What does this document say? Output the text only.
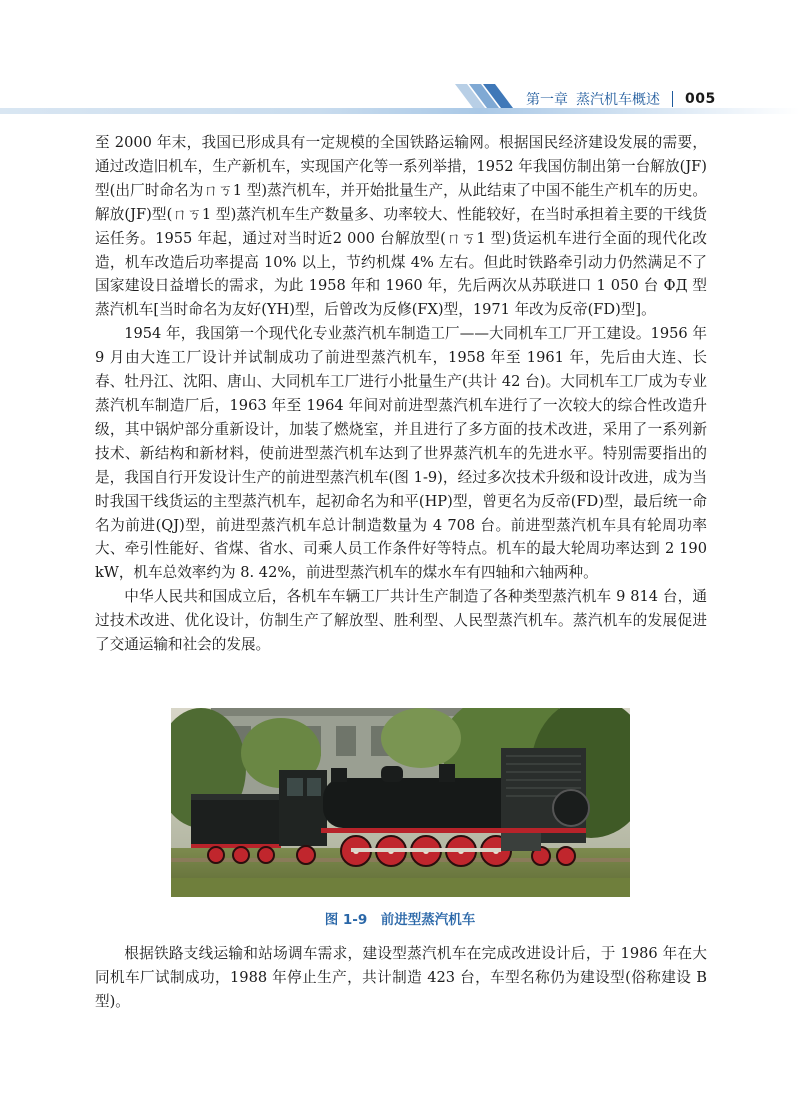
第一章 蒸汽机车概述 005

至 2000 年末，我国已形成具有一定规模的全国铁路运输网。根据国民经济建设发展的需要，通过改造旧机车，生产新机车，实现国产化等一系列举措，1952 年我国仿制出第一台解放(JF)型(出厂时命名为ㄇㄎ1 型)蒸汽机车，并开始批量生产，从此结束了中国不能生产机车的历史。解放(JF)型(ㄇㄎ1 型)蒸汽机车生产数量多、功率较大、性能较好，在当时承担着主要的干线货运任务。1955 年起，通过对当时近2 000 台解放型(ㄇㄎ1 型)货运机车进行全面的现代化改造，机车改造后功率提高 10% 以上，节约机煤 4% 左右。但此时铁路牵引动力仍然满足不了国家建设日益增长的需求，为此 1958 年和 1960 年，先后两次从苏联进口 1 050 台 ФД 型蒸汽机车[当时命名为友好(YH)型，后曾改为反修(FX)型，1971 年改为反帝(FD)型]。

1954 年，我国第一个现代化专业蒸汽机车制造工厂——大同机车工厂开工建设。1956 年 9 月由大连工厂设计并试制成功了前进型蒸汽机车，1958 年至 1961 年，先后由大连、长春、牡丹江、沈阳、唐山、大同机车工厂进行小批量生产(共计 42 台)。大同机车工厂成为专业蒸汽机车制造厂后，1963 年至 1964 年间对前进型蒸汽机车进行了一次较大的综合性改造升级，其中锅炉部分重新设计，加装了燃烧室，并且进行了多方面的技术改进，采用了一系列新技术、新结构和新材料，使前进型蒸汽机车达到了世界蒸汽机车的先进水平。特别需要指出的是，我国自行开发设计生产的前进型蒸汽机车(图 1-9)，经过多次技术升级和设计改进，成为当时我国干线货运的主型蒸汽机车，起初命名为和平(HP)型，曾更名为反帝(FD)型，最后统一命名为前进(QJ)型，前进型蒸汽机车总计制造数量为 4 708 台。前进型蒸汽机车具有轮周功率大、牵引性能好、省煤、省水、司乘人员工作条件好等特点。机车的最大轮周功率达到 2 190 kW，机车总效率约为 8. 42%，前进型蒸汽机车的煤水车有四轴和六轴两种。

中华人民共和国成立后，各机车车辆工厂共计生产制造了各种类型蒸汽机车 9 814 台，通过技术改进、优化设计，仿制生产了解放型、胜利型、人民型蒸汽机车。蒸汽机车的发展促进了交通运输和社会的发展。

图 1-9　前进型蒸汽机车

根据铁路支线运输和站场调车需求，建设型蒸汽机车在完成改进设计后，于 1986 年在大同机车厂试制成功，1988 年停止生产，共计制造 423 台，车型名称仍为建设型(俗称建设 B 型)。
